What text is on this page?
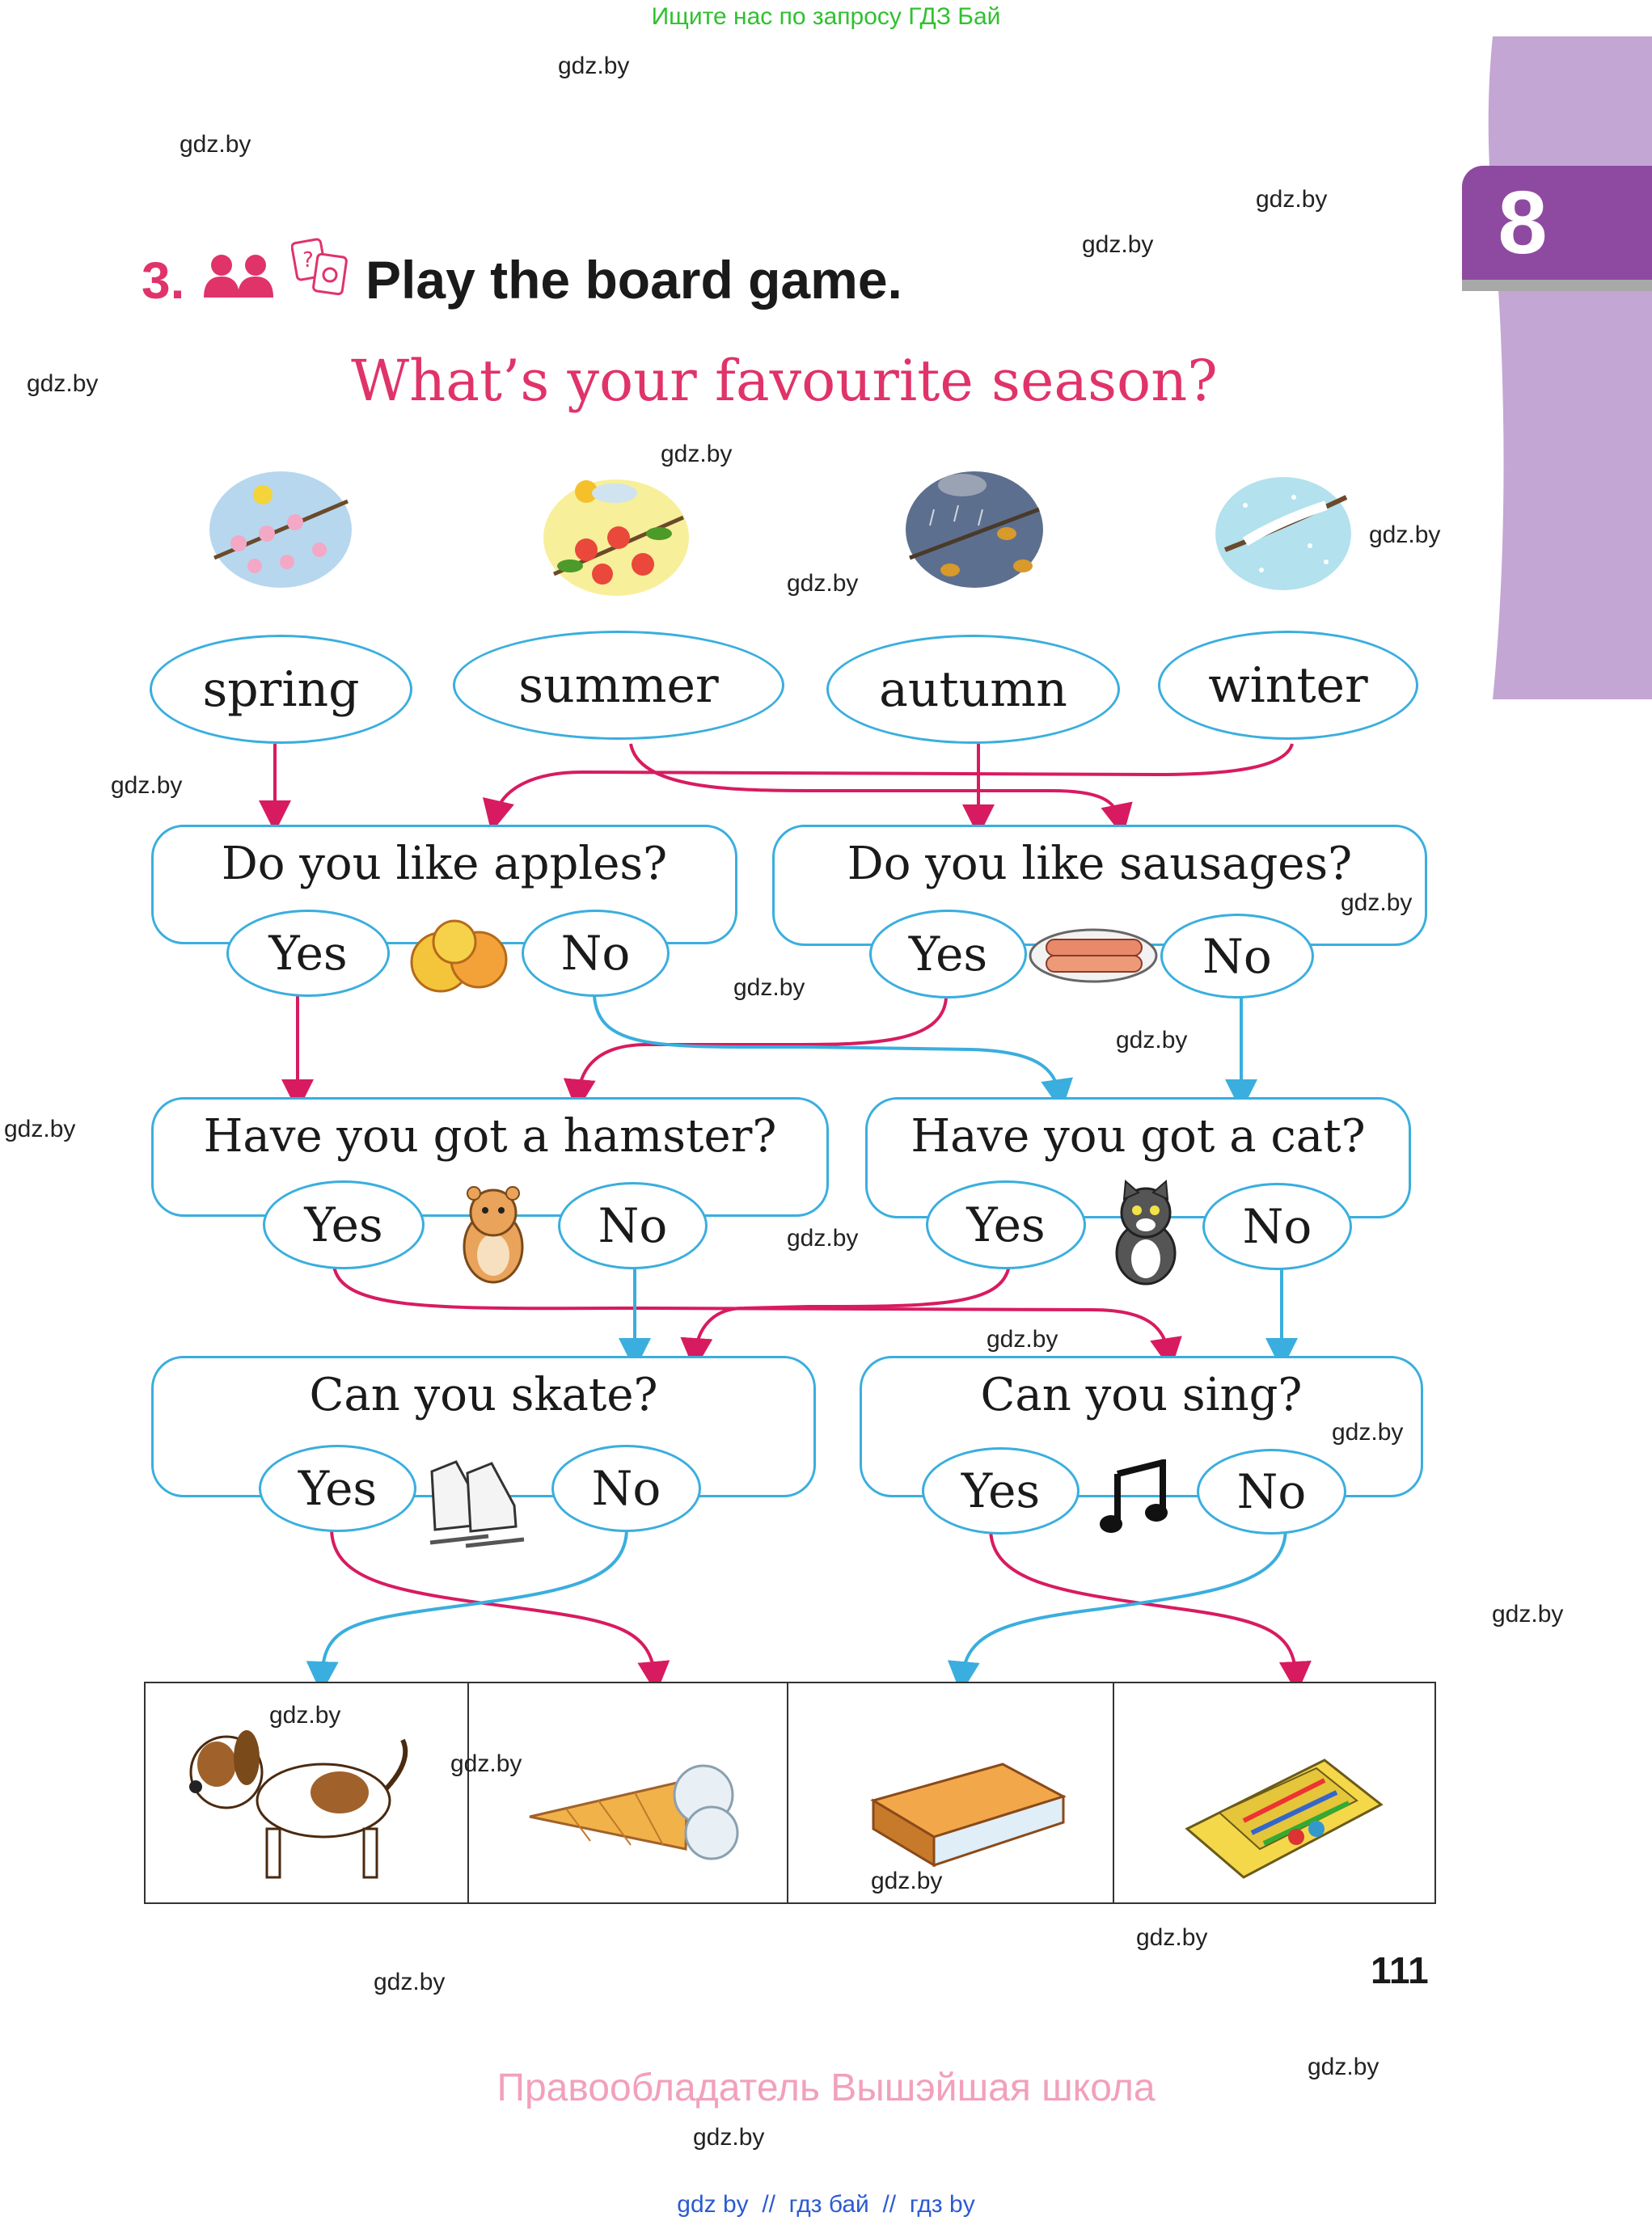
Ищите нас по запросу ГДЗ Бай
8
3.	? Play the board game.
What’s your favourite season?
spring	summer	autumn	winter
Do you like apples?
Yes	No
Do you like sausages?
Yes	No
Have you got a hamster?
Yes	No
Have you got a cat?
Yes	No
Can you skate?
Yes	No
Can you sing?
Yes	No
111
Правообладатель Вышэйшая школа
gdz by  //  гдз бай  //  гдз by
gdz.by
gdz.by
gdz.by
gdz.by
gdz.by
gdz.by
gdz.by
gdz.by
gdz.by
gdz.by
gdz.by
gdz.by
gdz.by
gdz.by
gdz.by
gdz.by
gdz.by
gdz.by
gdz.by
gdz.by
gdz.by
gdz.by
gdz.by
gdz.by
